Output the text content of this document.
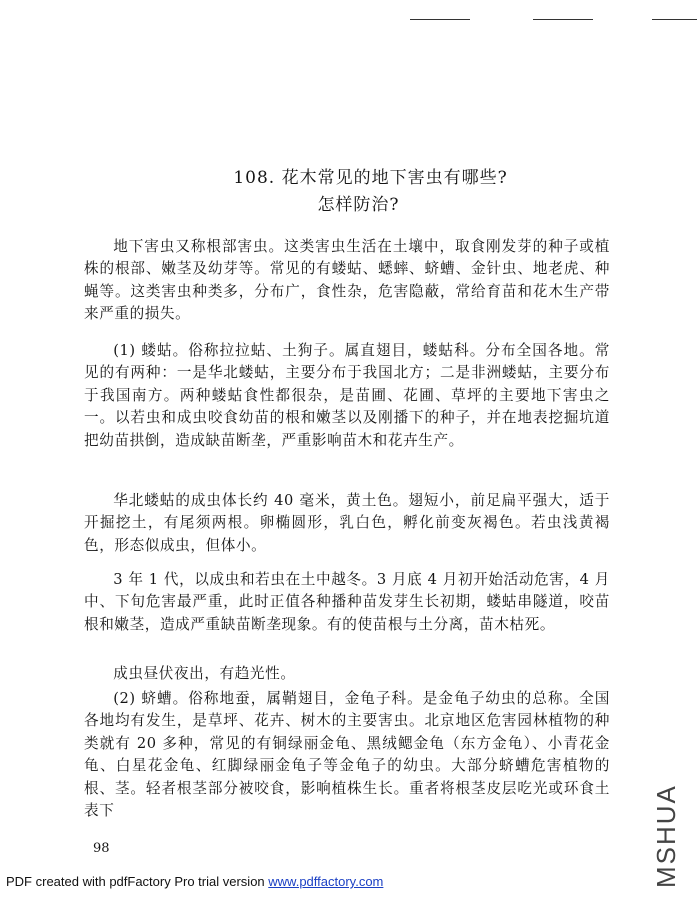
108. 花木常见的地下害虫有哪些?
怎样防治?

地下害虫又称根部害虫。这类害虫生活在土壤中，取食刚发芽的种子或植株的根部、嫩茎及幼芽等。常见的有蝼蛄、蟋蟀、蛴螬、金针虫、地老虎、种蝇等。这类害虫种类多，分布广，食性杂，危害隐蔽，常给育苗和花木生产带来严重的损失。

(1) 蝼蛄。俗称拉拉蛄、土狗子。属直翅目，蝼蛄科。分布全国各地。常见的有两种：一是华北蝼蛄，主要分布于我国北方；二是非洲蝼蛄，主要分布于我国南方。两种蝼蛄食性都很杂，是苗圃、花圃、草坪的主要地下害虫之一。以若虫和成虫咬食幼苗的根和嫩茎以及刚播下的种子，并在地表挖掘坑道把幼苗拱倒，造成缺苗断垄，严重影响苗木和花卉生产。

华北蝼蛄的成虫体长约 40 毫米，黄土色。翅短小，前足扁平强大，适于开掘挖土，有尾须两根。卵椭圆形，乳白色，孵化前变灰褐色。若虫浅黄褐色，形态似成虫，但体小。

3 年 1 代，以成虫和若虫在土中越冬。3 月底 4 月初开始活动危害，4 月中、下旬危害最严重，此时正值各种播种苗发芽生长初期，蝼蛄串隧道，咬苗根和嫩茎，造成严重缺苗断垄现象。有的使苗根与土分离，苗木枯死。

成虫昼伏夜出，有趋光性。

(2) 蛴螬。俗称地蚕，属鞘翅目，金龟子科。是金龟子幼虫的总称。全国各地均有发生，是草坪、花卉、树木的主要害虫。北京地区危害园林植物的种类就有 20 多种，常见的有铜绿丽金龟、黑绒鳃金龟（东方金龟）、小青花金龟、白星花金龟、红脚绿丽金龟子等金龟子的幼虫。大部分蛴螬危害植物的根、茎。轻者根茎部分被咬食，影响植株生长。重者将根茎皮层吃光或环食土表下

98
PDF created with pdfFactory Pro trial version www.pdffactory.com	MSHUA
